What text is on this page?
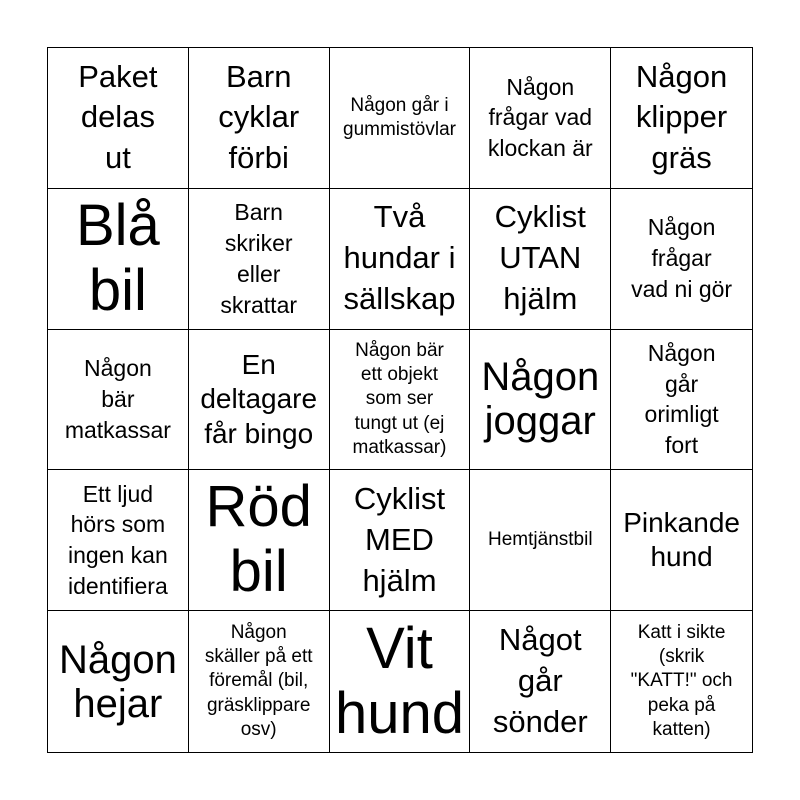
Paket
delas
ut
Barn
cyklar
förbi
Någon går i
gummistövlar
Någon
frågar vad
klockan är
Någon
klipper
gräs
Blå
bil
Barn
skriker
eller
skrattar
Två
hundar i
sällskap
Cyklist
UTAN
hjälm
Någon
frågar
vad ni gör
Någon
bär
matkassar
En
deltagare
får bingo
Någon bär
ett objekt
som ser
tungt ut (ej
matkassar)
Någon
joggar
Någon
går
orimligt
fort
Ett ljud
hörs som
ingen kan
identifiera
Röd
bil
Cyklist
MED
hjälm
Hemtjänstbil
Pinkande
hund
Någon
hejar
Någon
skäller på ett
föremål (bil,
gräsklippare
osv)
Vit
hund
Något
går
sönder
Katt i sikte
(skrik
"KATT!" och
peka på
katten)
